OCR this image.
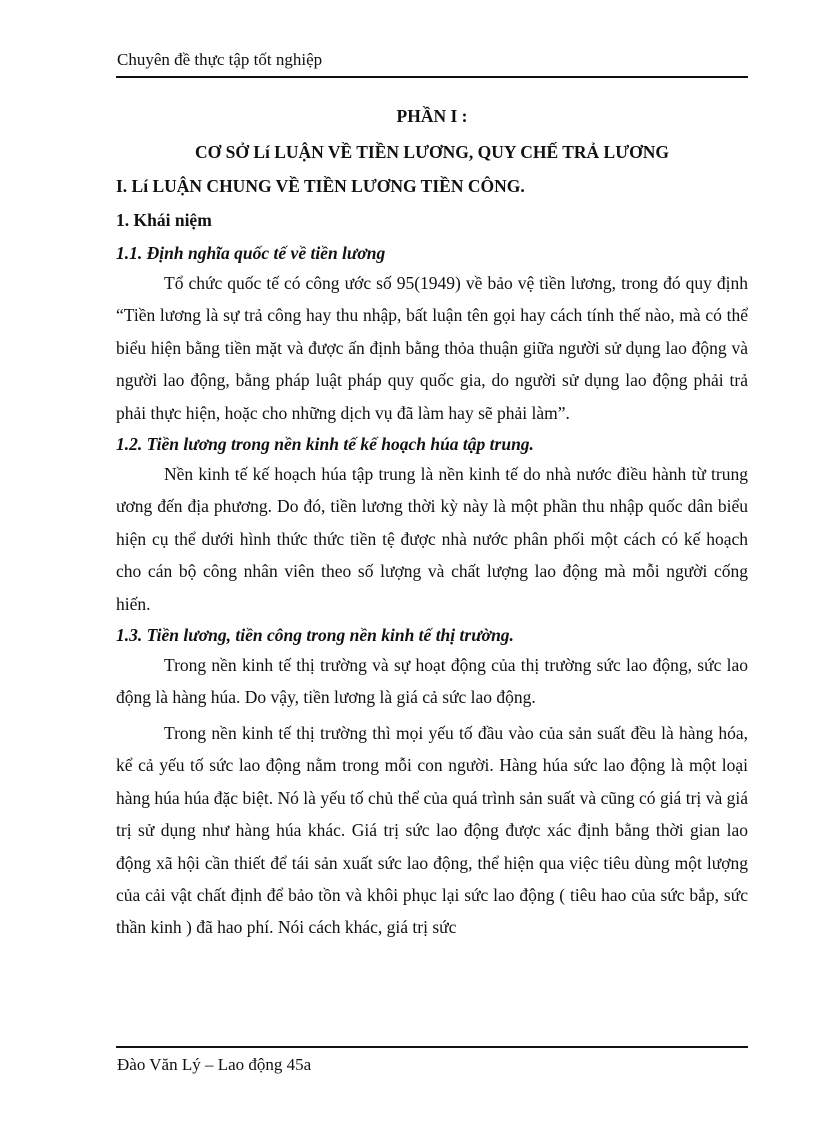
Chuyên đề thực tập tốt nghiệp

PHẦN I :

CƠ SỞ Lí LUẬN VỀ TIỀN LƯƠNG, QUY CHẾ TRẢ LƯƠNG

I. Lí LUẬN CHUNG VỀ TIỀN LƯƠNG TIỀN CÔNG.

1. Khái niệm

1.1. Định nghĩa quốc tế về tiền lương

Tổ chức quốc tế có công ước số 95(1949) về bảo vệ tiền lương, trong đó quy định “Tiền lương là sự trả công hay thu nhập, bất luận tên gọi hay cách tính thế nào, mà có thể biểu hiện bằng tiền mặt và được ấn định bằng thỏa thuận giữa người sử dụng lao động và người lao động, bằng pháp luật pháp quy quốc gia, do người sử dụng lao động phải trả phải thực hiện, hoặc cho những dịch vụ đã làm hay sẽ phải làm”.

1.2. Tiền lương trong nền kinh tế kế hoạch húa tập trung.

Nền kinh tế kế hoạch húa tập trung là nền kinh tế do nhà nước điều hành từ trung ương đến địa phương. Do đó, tiền lương thời kỳ này là một phần thu nhập quốc dân biểu hiện cụ thể dưới hình thức thức tiền tệ được nhà nước phân phối một cách có kế hoạch cho cán bộ công nhân viên theo số lượng và chất lượng lao động mà mỗi người cống hiến.

1.3. Tiền lương, tiền công trong nền kinh tế thị trường.

Trong nền kinh tế thị trường và sự hoạt động của thị trường sức lao động, sức lao động là hàng húa. Do vậy, tiền lương là giá cả sức lao động.

Trong nền kinh tế thị trường thì mọi yếu tố đầu vào của sản suất đều là hàng hóa, kể cả yếu tố sức lao động nằm trong mỗi con người. Hàng húa sức lao động là một loại hàng húa húa đặc biệt. Nó là yếu tố chủ thể của quá trình sản suất và cũng có giá trị và giá trị sử dụng như hàng húa khác. Giá trị sức lao động được xác định bằng thời gian lao động xã hội cần thiết để tái sản xuất sức lao động, thể hiện qua việc tiêu dùng một lượng của cải vật chất định để bảo tồn và khôi phục lại sức lao động ( tiêu hao của sức bắp, sức thần kinh ) đã hao phí. Nói cách khác, giá trị sức

Đào Văn Lý – Lao động 45a
